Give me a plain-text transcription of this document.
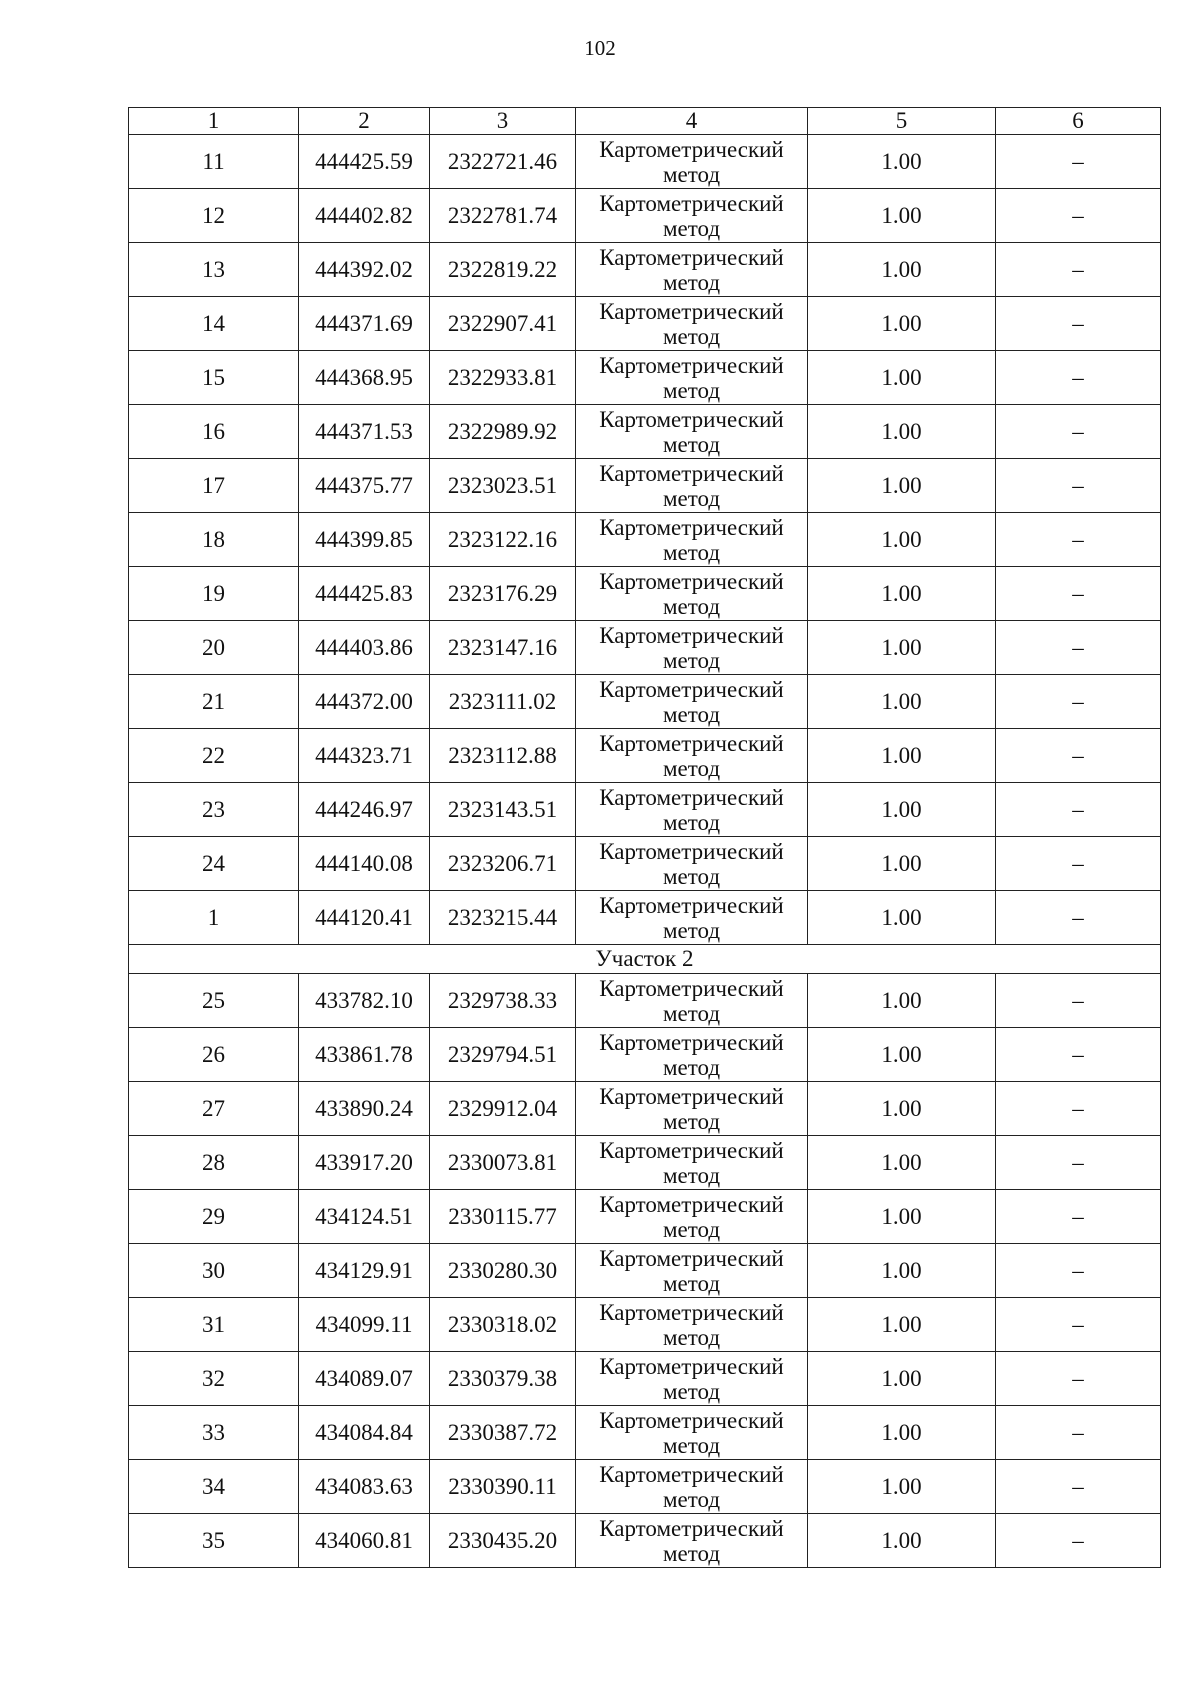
102
1	2	3	4	5	6
11	444425.59	2322721.46	Картометрический метод	1.00	–
12	444402.82	2322781.74	Картометрический метод	1.00	–
13	444392.02	2322819.22	Картометрический метод	1.00	–
14	444371.69	2322907.41	Картометрический метод	1.00	–
15	444368.95	2322933.81	Картометрический метод	1.00	–
16	444371.53	2322989.92	Картометрический метод	1.00	–
17	444375.77	2323023.51	Картометрический метод	1.00	–
18	444399.85	2323122.16	Картометрический метод	1.00	–
19	444425.83	2323176.29	Картометрический метод	1.00	–
20	444403.86	2323147.16	Картометрический метод	1.00	–
21	444372.00	2323111.02	Картометрический метод	1.00	–
22	444323.71	2323112.88	Картометрический метод	1.00	–
23	444246.97	2323143.51	Картометрический метод	1.00	–
24	444140.08	2323206.71	Картометрический метод	1.00	–
1	444120.41	2323215.44	Картометрический метод	1.00	–
Участок 2					
25	433782.10	2329738.33	Картометрический метод	1.00	–
26	433861.78	2329794.51	Картометрический метод	1.00	–
27	433890.24	2329912.04	Картометрический метод	1.00	–
28	433917.20	2330073.81	Картометрический метод	1.00	–
29	434124.51	2330115.77	Картометрический метод	1.00	–
30	434129.91	2330280.30	Картометрический метод	1.00	–
31	434099.11	2330318.02	Картометрический метод	1.00	–
32	434089.07	2330379.38	Картометрический метод	1.00	–
33	434084.84	2330387.72	Картометрический метод	1.00	–
34	434083.63	2330390.11	Картометрический метод	1.00	–
35	434060.81	2330435.20	Картометрический метод	1.00	–
